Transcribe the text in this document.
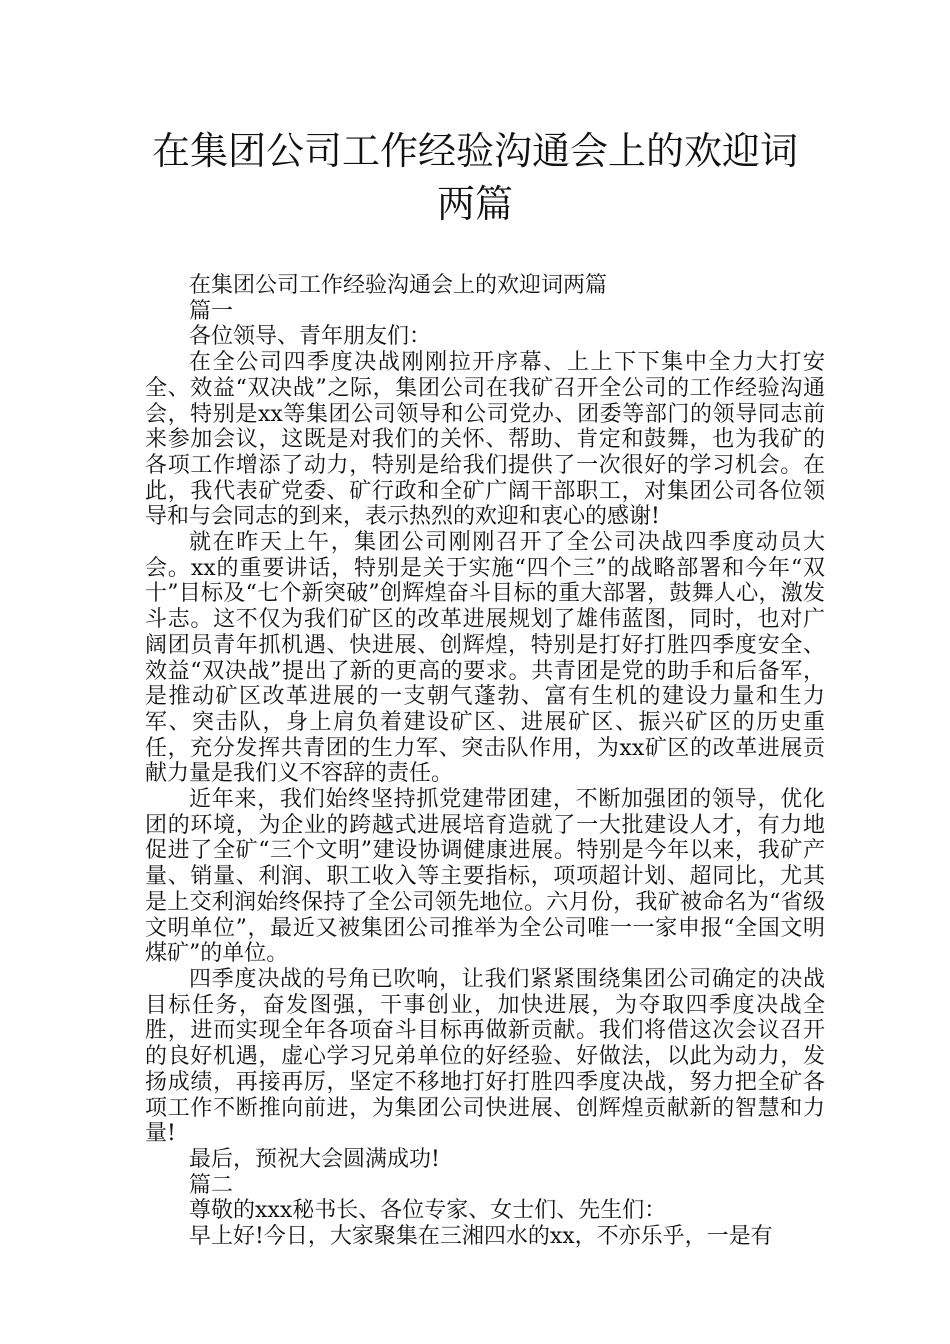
在集团公司工作经验沟通会上的欢迎词两篇

在集团公司工作经验沟通会上的欢迎词两篇

篇一

各位领导、青年朋友们：

在全公司四季度决战刚刚拉开序幕、上上下下集中全力大打安全、效益“双决战”之际，集团公司在我矿召开全公司的工作经验沟通会，特别是xx等集团公司领导和公司党办、团委等部门的领导同志前来参加会议，这既是对我们的关怀、帮助、肯定和鼓舞，也为我矿的各项工作增添了动力，特别是给我们提供了一次很好的学习机会。在此，我代表矿党委、矿行政和全矿广阔干部职工，对集团公司各位领导和与会同志的到来，表示热烈的欢迎和衷心的感谢!

就在昨天上午，集团公司刚刚召开了全公司决战四季度动员大会。xx的重要讲话，特别是关于实施“四个三”的战略部署和今年“双十”目标及“七个新突破”创辉煌奋斗目标的重大部署，鼓舞人心，激发斗志。这不仅为我们矿区的改革进展规划了雄伟蓝图，同时，也对广阔团员青年抓机遇、快进展、创辉煌，特别是打好打胜四季度安全、效益“双决战”提出了新的更高的要求。共青团是党的助手和后备军，是推动矿区改革进展的一支朝气蓬勃、富有生机的建设力量和生力军、突击队，身上肩负着建设矿区、进展矿区、振兴矿区的历史重任，充分发挥共青团的生力军、突击队作用，为xx矿区的改革进展贡献力量是我们义不容辞的责任。

近年来，我们始终坚持抓党建带团建，不断加强团的领导，优化团的环境，为企业的跨越式进展培育造就了一大批建设人才，有力地促进了全矿“三个文明”建设协调健康进展。特别是今年以来，我矿产量、销量、利润、职工收入等主要指标，项项超计划、超同比，尤其是上交利润始终保持了全公司领先地位。六月份，我矿被命名为“省级文明单位”，最近又被集团公司推举为全公司唯一一家申报“全国文明煤矿”的单位。

四季度决战的号角已吹响，让我们紧紧围绕集团公司确定的决战目标任务，奋发图强，干事创业，加快进展，为夺取四季度决战全胜，进而实现全年各项奋斗目标再做新贡献。我们将借这次会议召开的良好机遇，虚心学习兄弟单位的好经验、好做法，以此为动力，发扬成绩，再接再厉，坚定不移地打好打胜四季度决战，努力把全矿各项工作不断推向前进，为集团公司快进展、创辉煌贡献新的智慧和力量!

最后，预祝大会圆满成功!

篇二

尊敬的xxx秘书长、各位专家、女士们、先生们：

早上好!今日，大家聚集在三湘四水的xx，不亦乐乎，一是有
